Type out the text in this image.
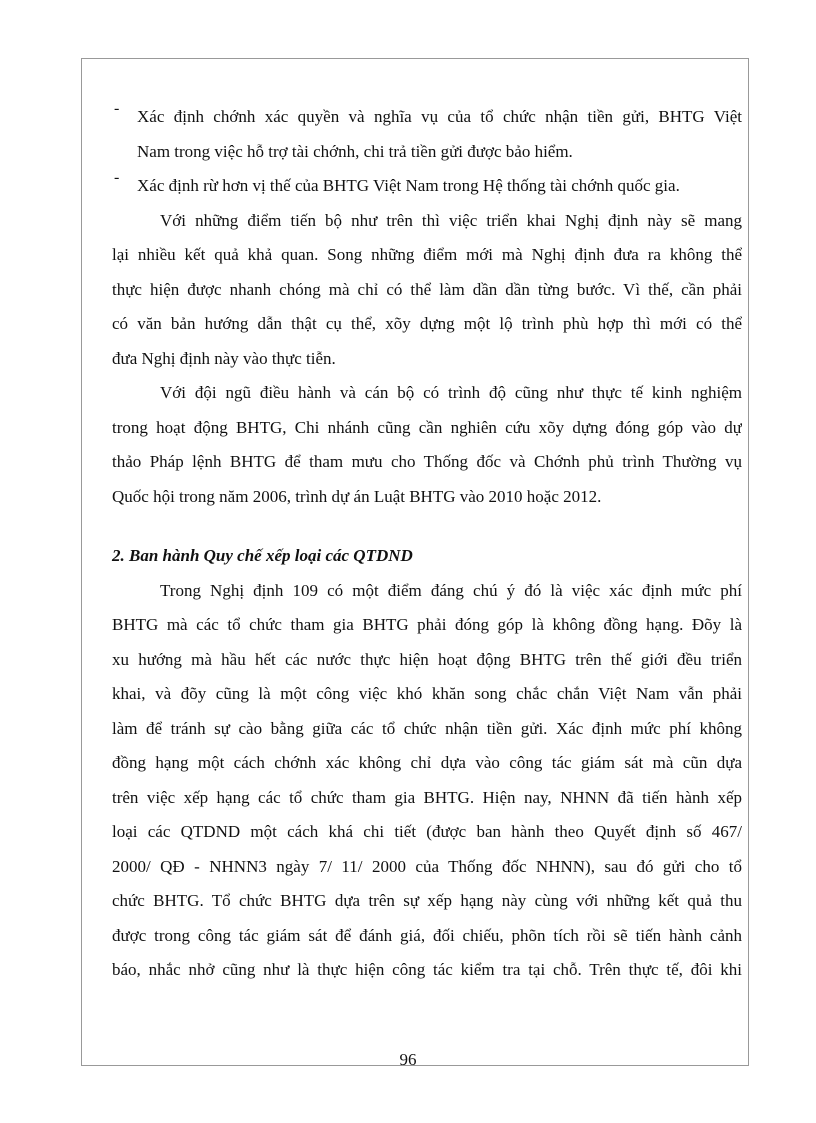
- Xác định chớnh xác quyền và nghĩa vụ của tổ chức nhận tiền gửi, BHTG Việt
Nam trong việc hỗ trợ tài chớnh, chi trả tiền gửi được bảo hiểm.
- Xác định rừ hơn vị thế của BHTG Việt Nam trong Hệ thống tài chớnh quốc gia.
Với những điểm tiến bộ như trên thì việc triển khai Nghị định này sẽ mang
lại nhiều kết quả khả quan. Song những điểm mới mà Nghị định đưa ra không thể
thực hiện được nhanh chóng mà chỉ có thể làm dần dần từng bước. Vì thế, cần phải
có văn bản hướng dẫn thật cụ thể, xõy dựng một lộ trình phù hợp thì mới có thể
đưa Nghị định này vào thực tiễn.
Với đội ngũ điều hành và cán bộ có trình độ cũng như thực tế kinh nghiệm
trong hoạt động BHTG, Chi nhánh cũng cần nghiên cứu xõy dựng đóng góp vào dự
thảo Pháp lệnh BHTG để tham mưu cho Thống đốc và Chớnh phủ trình Thường vụ
Quốc hội trong năm 2006, trình dự án Luật BHTG vào 2010 hoặc 2012.
2. Ban hành Quy chế xếp loại các QTDND
Trong Nghị định 109 có một điểm đáng chú ý đó là việc xác định mức phí
BHTG mà các tổ chức tham gia BHTG phải đóng góp là không đồng hạng. Đõy là
xu hướng mà hầu hết các nước thực hiện hoạt động BHTG trên thế giới đều triển
khai, và đõy cũng là một công việc khó khăn song chắc chắn Việt Nam vẫn phải
làm để tránh sự cào bằng giữa các tổ chức nhận tiền gửi. Xác định mức phí không
đồng hạng một cách chớnh xác không chỉ dựa vào công tác giám sát mà cũn dựa
trên việc xếp hạng các tổ chức tham gia BHTG. Hiện nay, NHNN đã tiến hành xếp
loại các QTDND một cách khá chi tiết (được ban hành theo Quyết định số 467/
2000/ QĐ - NHNN3 ngày 7/ 11/ 2000 của Thống đốc NHNN), sau đó gửi cho tổ
chức BHTG. Tổ chức BHTG dựa trên sự xếp hạng này cùng với những kết quả thu
được trong công tác giám sát để đánh giá, đối chiếu, phõn tích rồi sẽ tiến hành cảnh
báo, nhắc nhở cũng như là thực hiện công tác kiểm tra tại chỗ. Trên thực tế, đôi khi
96
